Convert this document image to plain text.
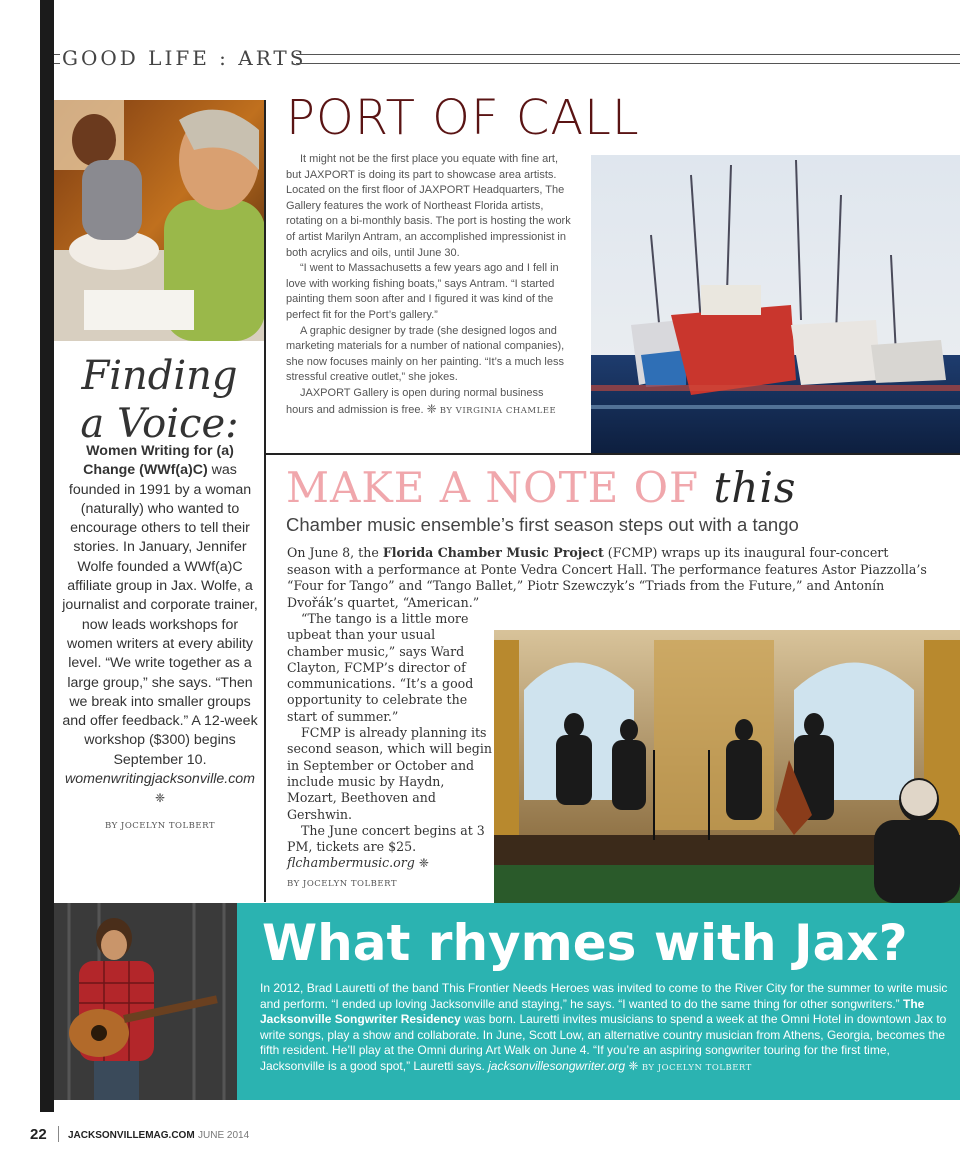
GOOD LIFE : ARTS
Finding
a Voice:
Women Writing for (a) Change (WWf(a)C) was founded in 1991 by a woman (naturally) who wanted to encourage others to tell their stories. In January, Jennifer Wolfe founded a WWf(a)C affiliate group in Jax. Wolfe, a journalist and corporate trainer, now leads workshops for women writers at every ability level. “We write together as a large group,” she says. “Then we break into smaller groups and offer feedback.” A 12-week workshop ($300) begins September 10. womenwritingjacksonville.com ❈
BY JOCELYN TOLBERT
PORT OF CALL
It might not be the first place you equate with fine art, but JAXPORT is doing its part to showcase area artists. Located on the first floor of JAXPORT Headquarters, The Gallery features the work of Northeast Florida artists, rotating on a bi-monthly basis. The port is hosting the work of artist Marilyn Antram, an accomplished impressionist in both acrylics and oils, until June 30.
“I went to Massachusetts a few years ago and I fell in love with working fishing boats,” says Antram. “I started painting them soon after and I figured it was kind of the perfect fit for the Port’s gallery.”
A graphic designer by trade (she designed logos and marketing materials for a number of national companies), she now focuses mainly on her painting. “It’s a much less stressful creative outlet,” she jokes.
JAXPORT Gallery is open during normal business hours and admission is free. ❈ BY VIRGINIA CHAMLEE
MAKE A NOTE OF this
Chamber music ensemble’s first season steps out with a tango

On June 8, the Florida Chamber Music Project (FCMP) wraps up its inaugural four-concert season with a performance at Ponte Vedra Concert Hall. The performance features Astor Piazzolla’s “Four for Tango” and “Tango Ballet,” Piotr Szewczyk’s “Triads from the Future,” and Antonín Dvořák’s quartet, “American.”

“The tango is a little more upbeat than your usual chamber music,” says Ward Clayton, FCMP’s director of communications. “It’s a good opportunity to celebrate the start of summer.”

FCMP is already planning its second season, which will begin in September or October and include music by Haydn, Mozart, Beethoven and Gershwin.

The June concert begins at 3 PM, tickets are $25.

flchambermusic.org ❈

BY JOCELYN TOLBERT
What rhymes with Jax?
In 2012, Brad Lauretti of the band This Frontier Needs Heroes was invited to come to the River City for the summer to write music and perform. “I ended up loving Jacksonville and staying,” he says. “I wanted to do the same thing for other songwriters.” The Jacksonville Songwriter Residency was born. Lauretti invites musicians to spend a week at the Omni Hotel in downtown Jax to write songs, play a show and collaborate. In June, Scott Low, an alternative country musician from Athens, Georgia, becomes the fifth resident. He’ll play at the Omni during Art Walk on June 4. “If you’re an aspiring songwriter touring for the first time, Jacksonville is a good spot,” Lauretti says. jacksonvillesongwriter.org ❈ BY JOCELYN TOLBERT
22 JACKSONVILLEMAG.COM JUNE 2014
